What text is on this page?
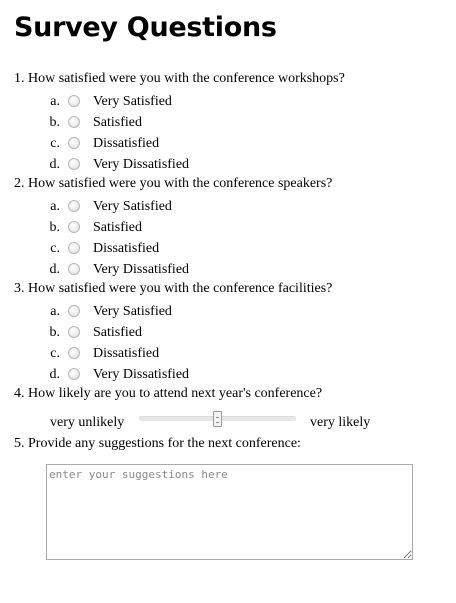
Survey Questions
1. How satisfied were you with the conference workshops?
a. Very Satisfied
b. Satisfied
c. Dissatisfied
d. Very Dissatisfied
2. How satisfied were you with the conference speakers?
a. Very Satisfied
b. Satisfied
c. Dissatisfied
d. Very Dissatisfied
3. How satisfied were you with the conference facilities?
a. Very Satisfied
b. Satisfied
c. Dissatisfied
d. Very Dissatisfied
4. How likely are you to attend next year's conference?
very unlikely	very likely
5. Provide any suggestions for the next conference:
enter your suggestions here
